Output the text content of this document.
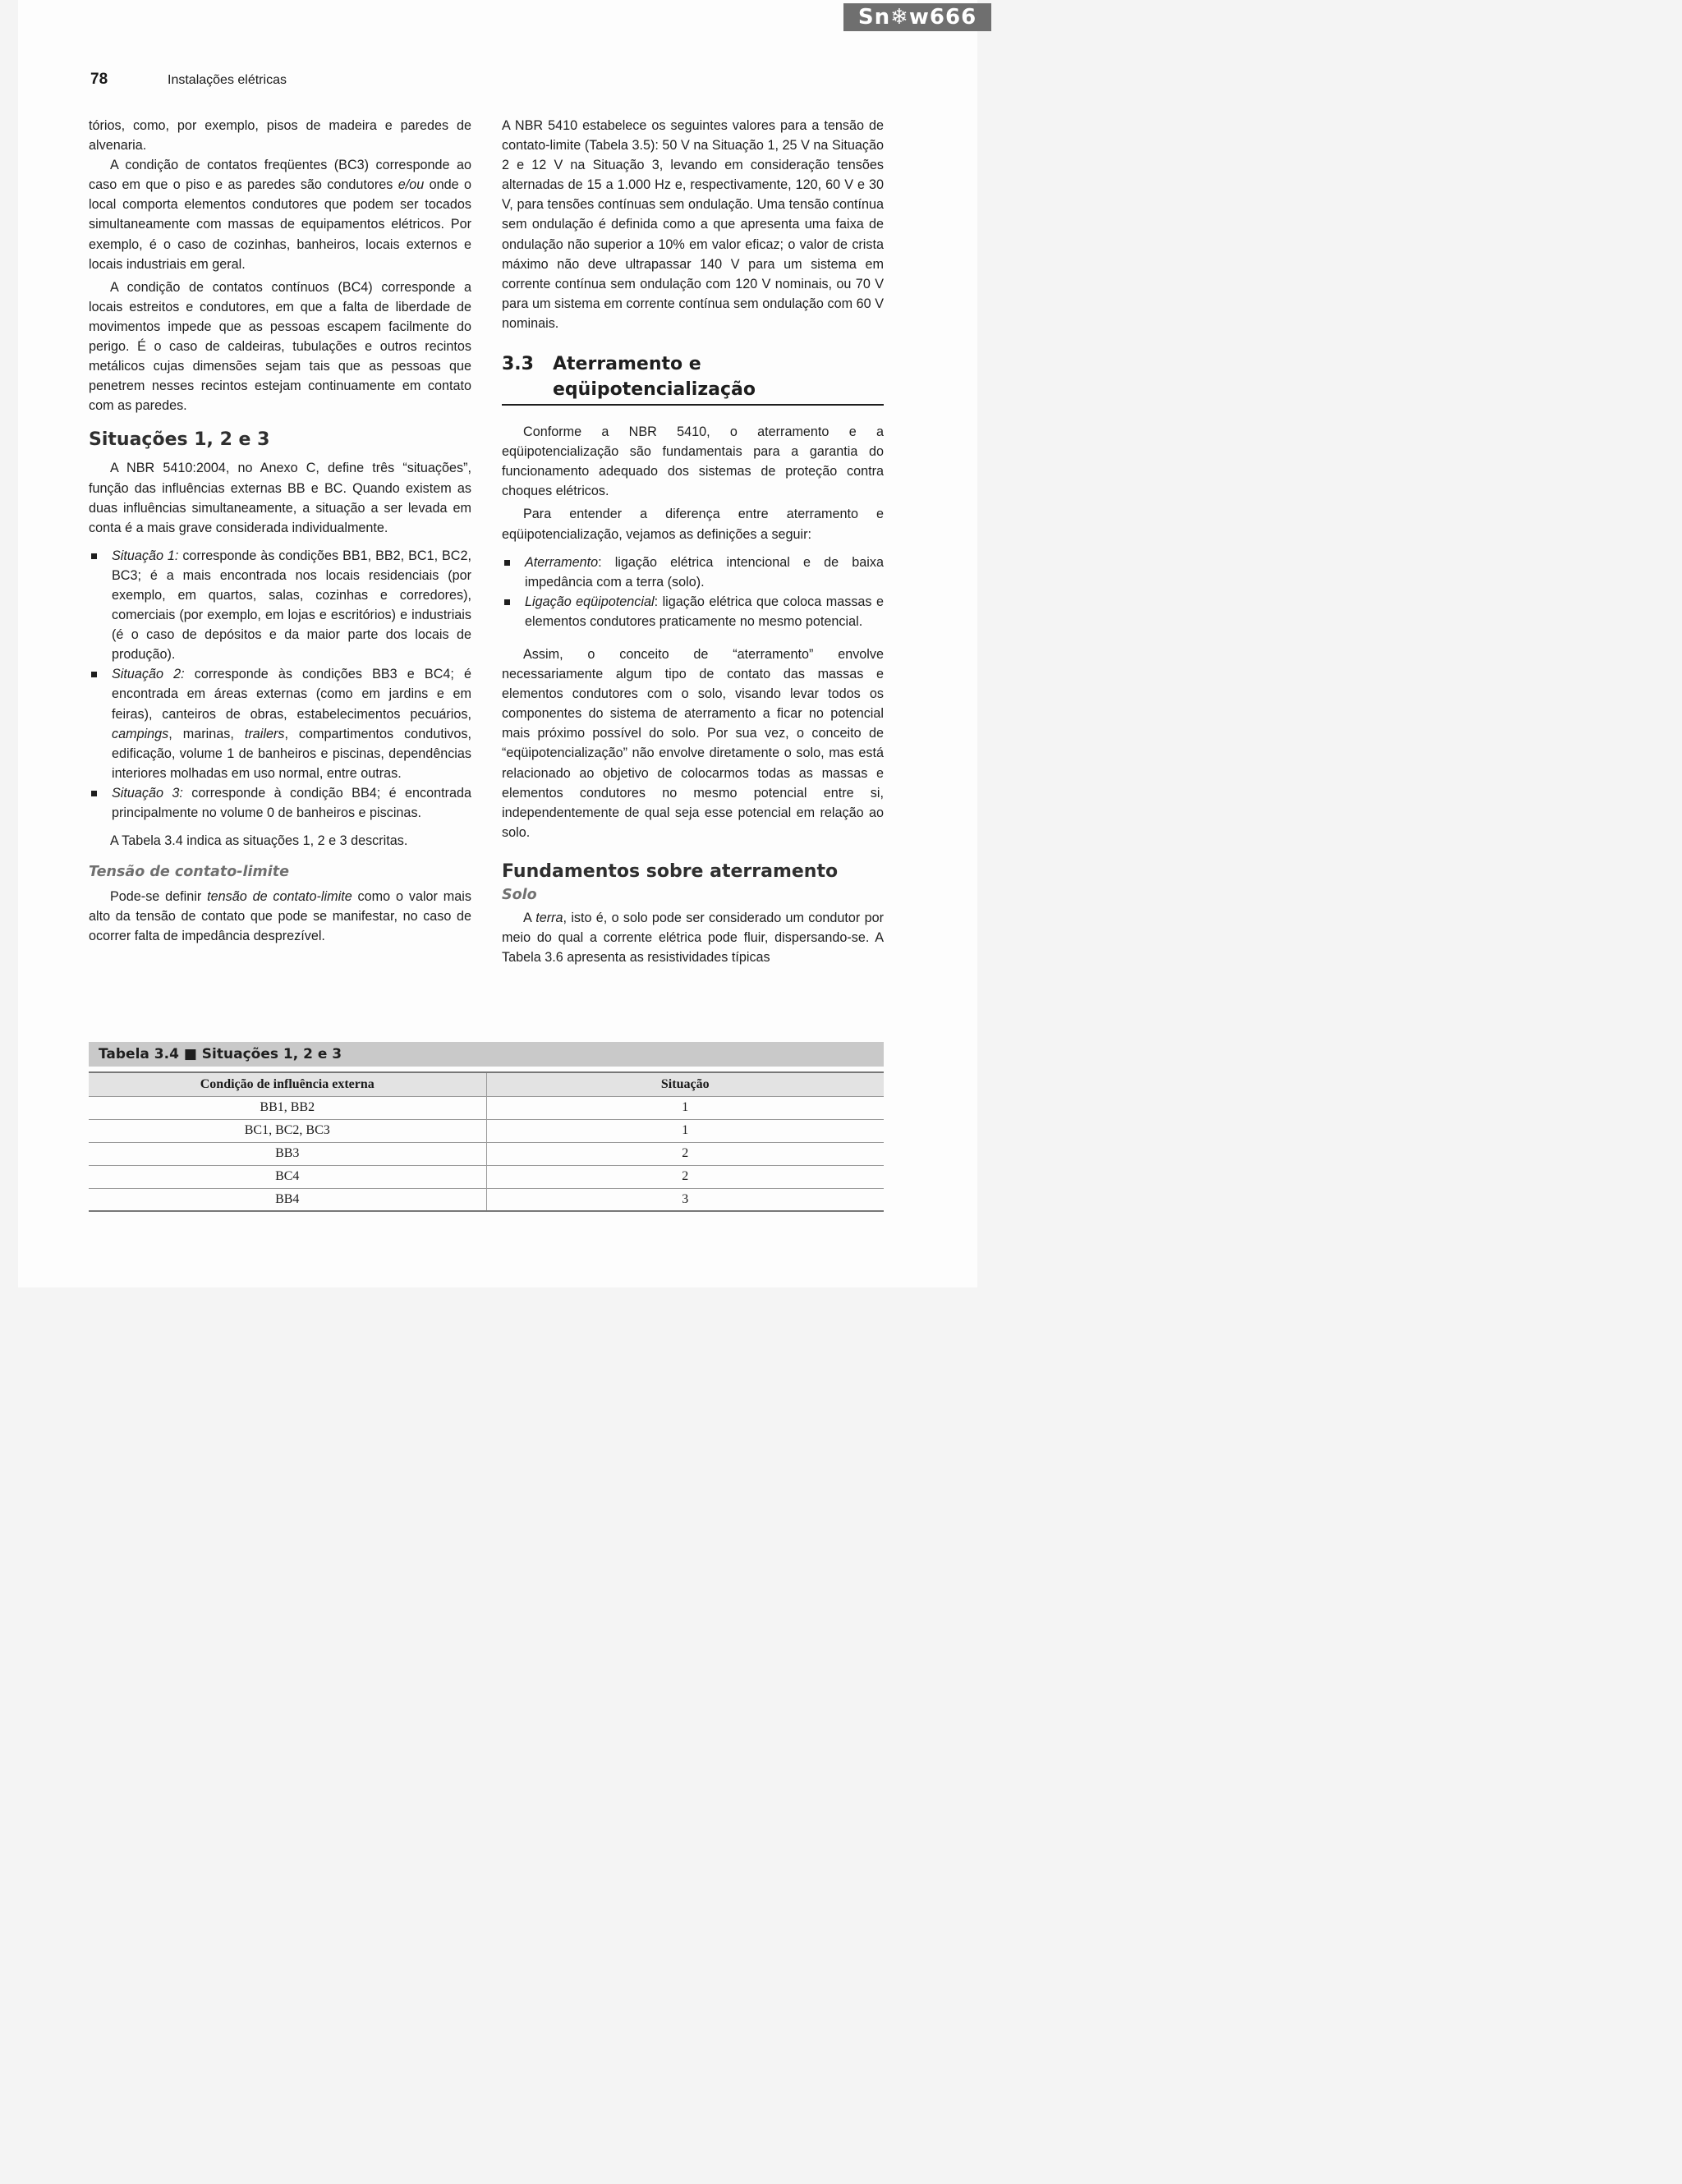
Sn❄w666
78	Instalações elétricas

tórios, como, por exemplo, pisos de madeira e paredes de alvenaria.

A condição de contatos freqüentes (BC3) corresponde ao caso em que o piso e as paredes são condutores e/ou onde o local comporta elementos condutores que podem ser tocados simultaneamente com massas de equipamentos elétricos. Por exemplo, é o caso de cozinhas, banheiros, locais externos e locais industriais em geral.

A condição de contatos contínuos (BC4) corresponde a locais estreitos e condutores, em que a falta de liberdade de movimentos impede que as pessoas escapem facilmente do perigo. É o caso de caldeiras, tubulações e outros recintos metálicos cujas dimensões sejam tais que as pessoas que penetrem nesses recintos estejam continuamente em contato com as paredes.

Situações 1, 2 e 3

A NBR 5410:2004, no Anexo C, define três “situações”, função das influências externas BB e BC. Quando existem as duas influências simultaneamente, a situação a ser levada em conta é a mais grave considerada individualmente.

Situação 1: corresponde às condições BB1, BB2, BC1, BC2, BC3; é a mais encontrada nos locais residenciais (por exemplo, em quartos, salas, cozinhas e corredores), comerciais (por exemplo, em lojas e escritórios) e industriais (é o caso de depósitos e da maior parte dos locais de produção).
Situação 2: corresponde às condições BB3 e BC4; é encontrada em áreas externas (como em jardins e em feiras), canteiros de obras, estabelecimentos pecuários, campings, marinas, trailers, compartimentos condutivos, edificação, volume 1 de banheiros e piscinas, dependências interiores molhadas em uso normal, entre outras.
Situação 3: corresponde à condição BB4; é encontrada principalmente no volume 0 de banheiros e piscinas.

A Tabela 3.4 indica as situações 1, 2 e 3 descritas.

Tensão de contato-limite

Pode-se definir tensão de contato-limite como o valor mais alto da tensão de contato que pode se manifestar, no caso de ocorrer falta de impedância desprezível.

A NBR 5410 estabelece os seguintes valores para a tensão de contato-limite (Tabela 3.5): 50 V na Situação 1, 25 V na Situação 2 e 12 V na Situação 3, levando em consideração tensões alternadas de 15 a 1.000 Hz e, respectivamente, 120, 60 V e 30 V, para tensões contínuas sem ondulação. Uma tensão contínua sem ondulação é definida como a que apresenta uma faixa de ondulação não superior a 10% em valor eficaz; o valor de crista máximo não deve ultrapassar 140 V para um sistema em corrente contínua sem ondulação com 120 V nominais, ou 70 V para um sistema em corrente contínua sem ondulação com 60 V nominais.

3.3 Aterramento e eqüipotencialização

Conforme a NBR 5410, o aterramento e a eqüipotencialização são fundamentais para a garantia do funcionamento adequado dos sistemas de proteção contra choques elétricos.

Para entender a diferença entre aterramento e eqüipotencialização, vejamos as definições a seguir:

Aterramento: ligação elétrica intencional e de baixa impedância com a terra (solo).
Ligação eqüipotencial: ligação elétrica que coloca massas e elementos condutores praticamente no mesmo potencial.

Assim, o conceito de “aterramento” envolve necessariamente algum tipo de contato das massas e elementos condutores com o solo, visando levar todos os componentes do sistema de aterramento a ficar no potencial mais próximo possível do solo. Por sua vez, o conceito de “eqüipotencialização” não envolve diretamente o solo, mas está relacionado ao objetivo de colocarmos todas as massas e elementos condutores no mesmo potencial entre si, independentemente de qual seja esse potencial em relação ao solo.

Fundamentos sobre aterramento
Solo

A terra, isto é, o solo pode ser considerado um condutor por meio do qual a corrente elétrica pode fluir, dispersando-se. A Tabela 3.6 apresenta as resistividades típicas

Tabela 3.4 ■ Situações 1, 2 e 3
Condição de influência externa	Situação
BB1, BB2	1
BC1, BC2, BC3	1
BB3	2
BC4	2
BB4	3
